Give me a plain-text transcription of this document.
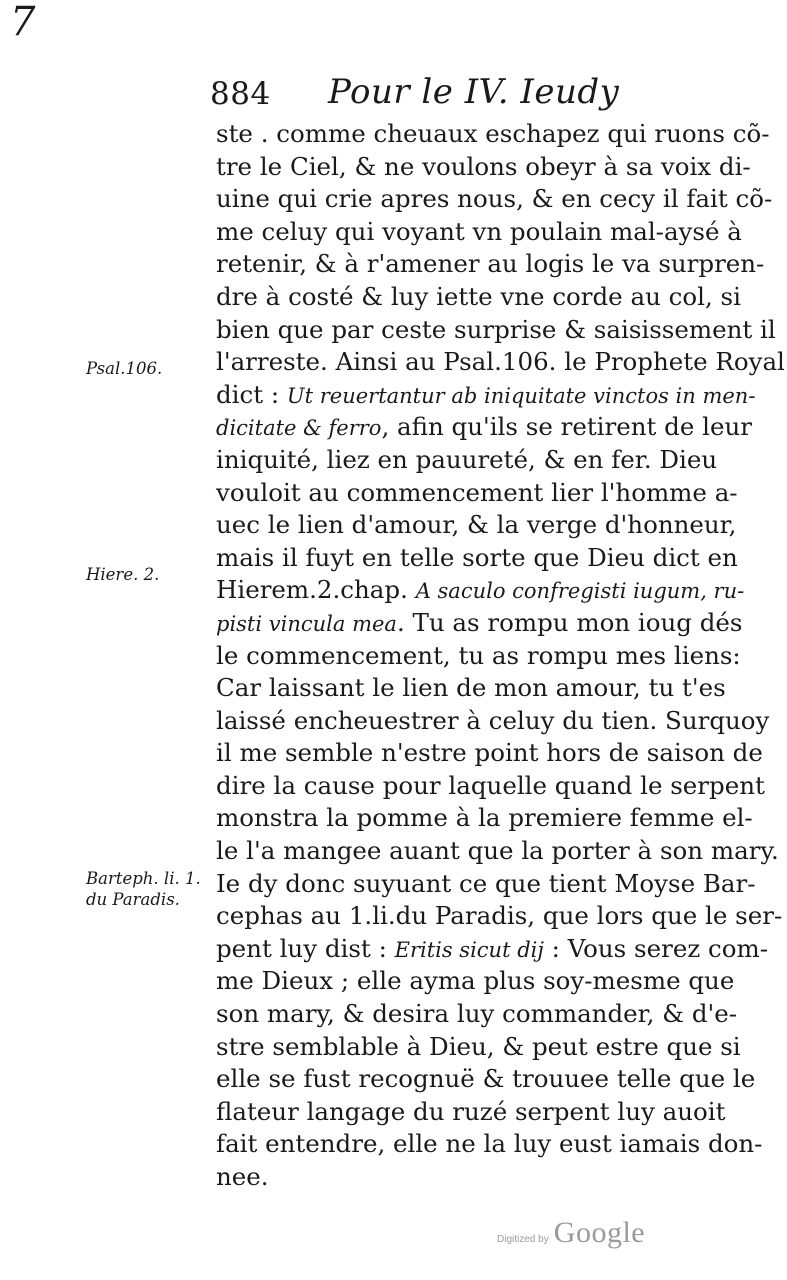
7
884 Pour le IV. Ieudy
Psal.106.
Hiere. 2.
Barteph. li. 1.
du Paradis.
ste . comme cheuaux eschapez qui ruons cõ-
tre le Ciel, & ne voulons obeyr à sa voix di-
uine qui crie apres nous, & en cecy il fait cõ-
me celuy qui voyant vn poulain mal-aysé à
retenir, & à r'amener au logis le va surpren-
dre à costé & luy iette vne corde au col, si
bien que par ceste surprise & saisissement il
l'arreste. Ainsi au Psal.106. le Prophete Royal
dict : Ut reuertantur ab iniquitate vinctos in men-
dicitate & ferro, afin qu'ils se retirent de leur
iniquité, liez en pauureté, & en fer. Dieu
vouloit au commencement lier l'homme a-
uec le lien d'amour, & la verge d'honneur,
mais il fuyt en telle sorte que Dieu dict en
Hierem.2.chap. A saculo confregisti iugum, ru-
pisti vincula mea. Tu as rompu mon ioug dés
le commencement, tu as rompu mes liens:
Car laissant le lien de mon amour, tu t'es
laissé encheuestrer à celuy du tien. Surquoy
il me semble n'estre point hors de saison de
dire la cause pour laquelle quand le serpent
monstra la pomme à la premiere femme el-
le l'a mangee auant que la porter à son mary.
Ie dy donc suyuant ce que tient Moyse Bar-
cephas au 1.li.du Paradis, que lors que le ser-
pent luy dist : Eritis sicut dij : Vous serez com-
me Dieux ; elle ayma plus soy-mesme que
son mary, & desira luy commander, & d'e-
stre semblable à Dieu, & peut estre que si
elle se fust recognuë & trouuee telle que le
flateur langage du ruzé serpent luy auoit
fait entendre, elle ne la luy eust iamais don-
nee.
Digitized by Google
